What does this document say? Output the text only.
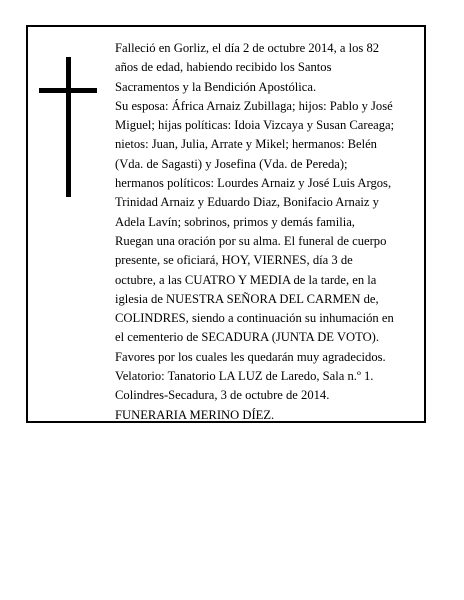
Falleció en Gorliz, el día 2 de octubre 2014, a los 82
años de edad, habiendo recibido los Santos
Sacramentos y la Bendición Apostólica.
Su esposa: África Arnaiz Zubillaga; hijos: Pablo y José
Miguel; hijas políticas: Idoia Vizcaya y Susan Careaga;
nietos: Juan, Julia, Arrate y Mikel; hermanos: Belén
(Vda. de Sagasti) y Josefina (Vda. de Pereda);
hermanos políticos: Lourdes Arnaiz y José Luis Argos,
Trinidad Arnaiz y Eduardo Diaz, Bonifacio Arnaiz y
Adela Lavín; sobrinos, primos y demás familia,
Ruegan una oración por su alma. El funeral de cuerpo
presente, se oficiará, HOY, VIERNES, día 3 de
octubre, a las CUATRO Y MEDIA de la tarde, en la
iglesia de NUESTRA SEÑORA DEL CARMEN de,
COLINDRES, siendo a continuación su inhumación en
el cementerio de SECADURA (JUNTA DE VOTO).
Favores por los cuales les quedarán muy agradecidos.
Velatorio: Tanatorio LA LUZ de Laredo, Sala n.º 1.
Colindres-Secadura, 3 de octubre de 2014.
FUNERARIA MERINO DÍEZ.
